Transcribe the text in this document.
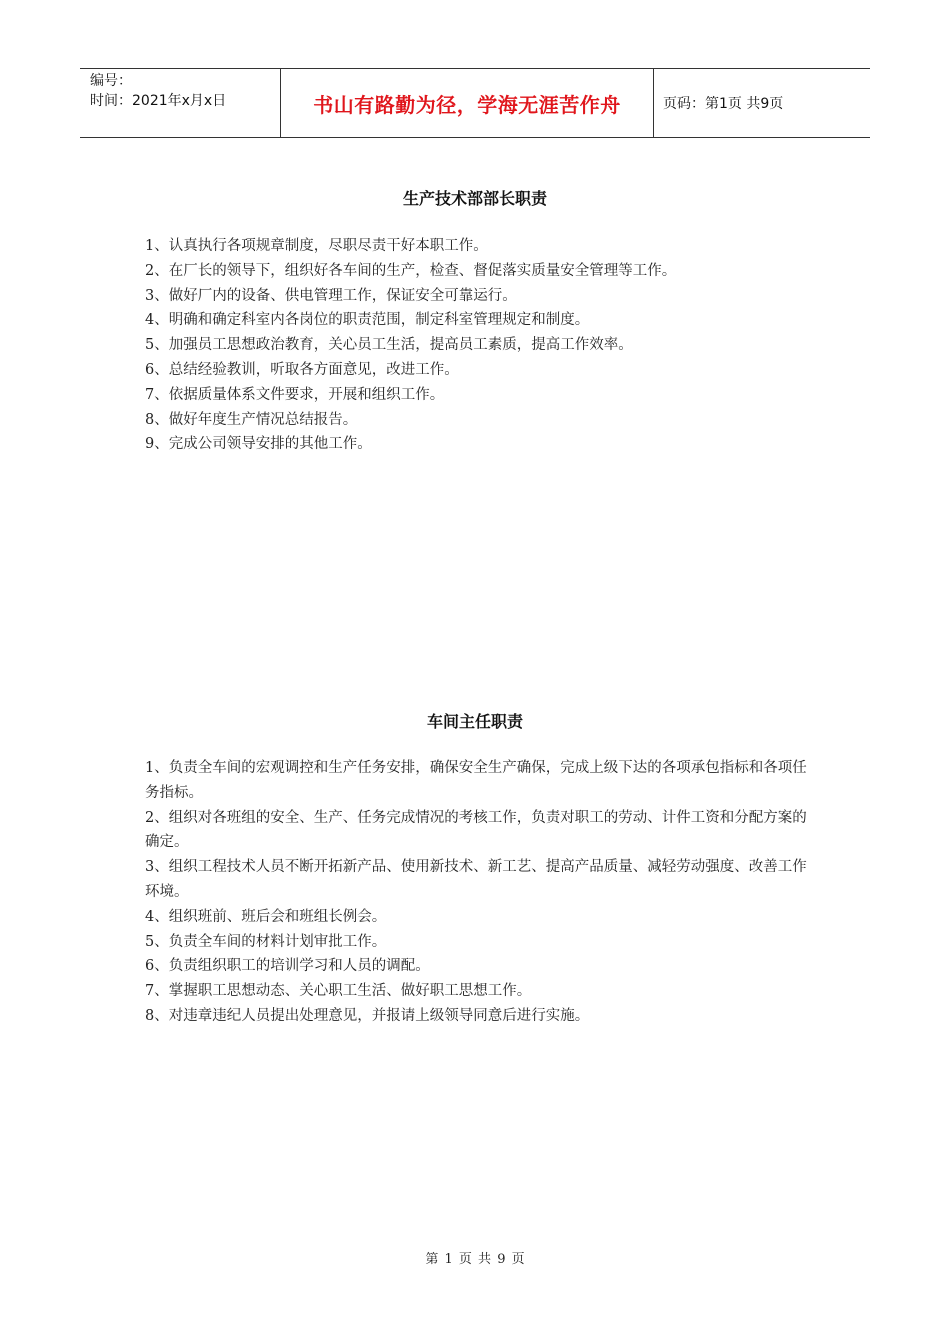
编号：
时间：2021年x月x日	书山有路勤为径，学海无涯苦作舟	页码：第1页 共9页
生产技术部部长职责
1、认真执行各项规章制度，尽职尽责干好本职工作。
2、在厂长的领导下，组织好各车间的生产，检查、督促落实质量安全管理等工作。
3、做好厂内的设备、供电管理工作，保证安全可靠运行。
4、明确和确定科室内各岗位的职责范围，制定科室管理规定和制度。
5、加强员工思想政治教育，关心员工生活，提高员工素质，提高工作效率。
6、总结经验教训，听取各方面意见，改进工作。
7、依据质量体系文件要求，开展和组织工作。
8、做好年度生产情况总结报告。
9、完成公司领导安排的其他工作。
车间主任职责
1、负责全车间的宏观调控和生产任务安排，确保安全生产确保，完成上级下达的各项承包指标和各项任务指标。
2、组织对各班组的安全、生产、任务完成情况的考核工作，负责对职工的劳动、计件工资和分配方案的确定。
3、组织工程技术人员不断开拓新产品、使用新技术、新工艺、提高产品质量、减轻劳动强度、改善工作环境。
4、组织班前、班后会和班组长例会。
5、负责全车间的材料计划审批工作。
6、负责组织职工的培训学习和人员的调配。
7、掌握职工思想动态、关心职工生活、做好职工思想工作。
8、对违章违纪人员提出处理意见，并报请上级领导同意后进行实施。
第 1 页 共 9 页
